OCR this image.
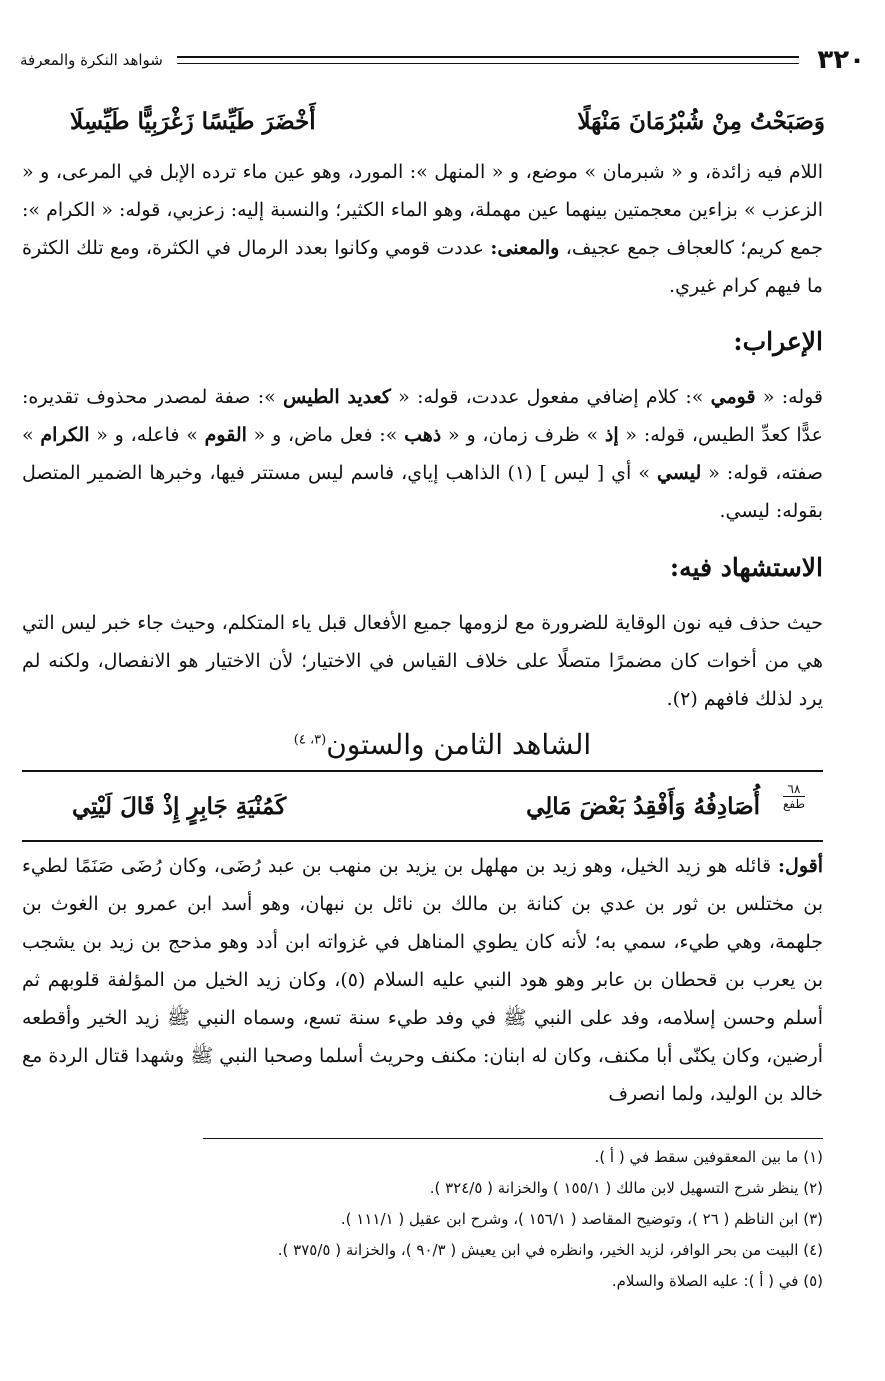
٣٢٠
شواهد النكرة والمعرفة
وَصَبَحْتُ مِنْ شُبْرُمَانَ مَنْهَلًا
أَخْضَرَ طَيِّسًا زَغْرَبِيًّا طَيِّسِلَا
اللام فيه زائدة، و « شبرمان » موضع، و « المنهل »: المورد، وهو عين ماء ترده الإبل في المرعى، و « الزعزب » بزاءين معجمتين بينهما عين مهملة، وهو الماء الكثير؛ والنسبة إليه: زعزبي، قوله: « الكرام »: جمع كريم؛ كالعجاف جمع عجيف، والمعنى: عددت قومي وكانوا بعدد الرمال في الكثرة، ومع تلك الكثرة ما فيهم كرام غيري.
الإعراب:
قوله: « قومي »: كلام إضافي مفعول عددت، قوله: « كعديد الطيس »: صفة لمصدر محذوف تقديره: عدًّا كعدِّ الطيس، قوله: « إذ » ظرف زمان، و « ذهب »: فعل ماض، و « القوم » فاعله، و « الكرام » صفته، قوله: « ليسي » أي [ ليس ] (١) الذاهب إياي، فاسم ليس مستتر فيها، وخبرها الضمير المتصل بقوله: ليسي.
الاستشهاد فيه:
حيث حذف فيه نون الوقاية للضرورة مع لزومها جميع الأفعال قبل ياء المتكلم، وحيث جاء خبر ليس التي هي من أخوات كان مضمرًا متصلًا على خلاف القياس في الاختيار؛ لأن الاختيار هو الانفصال، ولكنه لم يرد لذلك فافهم (٢).
الشاهد الثامن والستون$^{(٣، ٤)}$
٦٨
طفع
أُصَادِفُهُ وَأَفْقِدُ بَعْضَ مَالِي
كَمُنْيَةِ جَابِرٍ إِذْ قَالَ لَيْتِي
أقول: قائله هو زيد الخيل، وهو زيد بن مهلهل بن يزيد بن منهب بن عبد رُضَى، وكان رُضَى صَنَمًا لطيء بن مختلس بن ثور بن عدي بن كنانة بن مالك بن نائل بن نبهان، وهو أسد ابن عمرو بن الغوث بن جلهمة، وهي طيء، سمي به؛ لأنه كان يطوي المناهل في غزواته ابن أدد وهو مذحج بن زيد بن يشجب بن يعرب بن قحطان بن عابر وهو هود النبي عليه السلام (٥)، وكان زيد الخيل من المؤلفة قلوبهم ثم أسلم وحسن إسلامه، وفد على النبي ﷺ في وفد طيء سنة تسع، وسماه النبي ﷺ زيد الخير وأقطعه أرضين، وكان يكنّى أبا مكنف، وكان له ابنان: مكنف وحريث أسلما وصحبا النبي ﷺ وشهدا قتال الردة مع خالد بن الوليد، ولما انصرف
(١) ما بين المعقوفين سقط في ( أ ).
(٢) ينظر شرح التسهيل لابن مالك ( ١٥٥/١ ) والخزانة ( ٣٢٤/٥ ).
(٣) ابن الناظم ( ٢٦ )، وتوضيح المقاصد ( ١٥٦/١ )، وشرح ابن عقيل ( ١١١/١ ).
(٤) البيت من بحر الوافر، لزيد الخير، وانظره في ابن يعيش ( ٩٠/٣ )، والخزانة ( ٣٧٥/٥ ).
(٥) في ( أ ): عليه الصلاة والسلام.
